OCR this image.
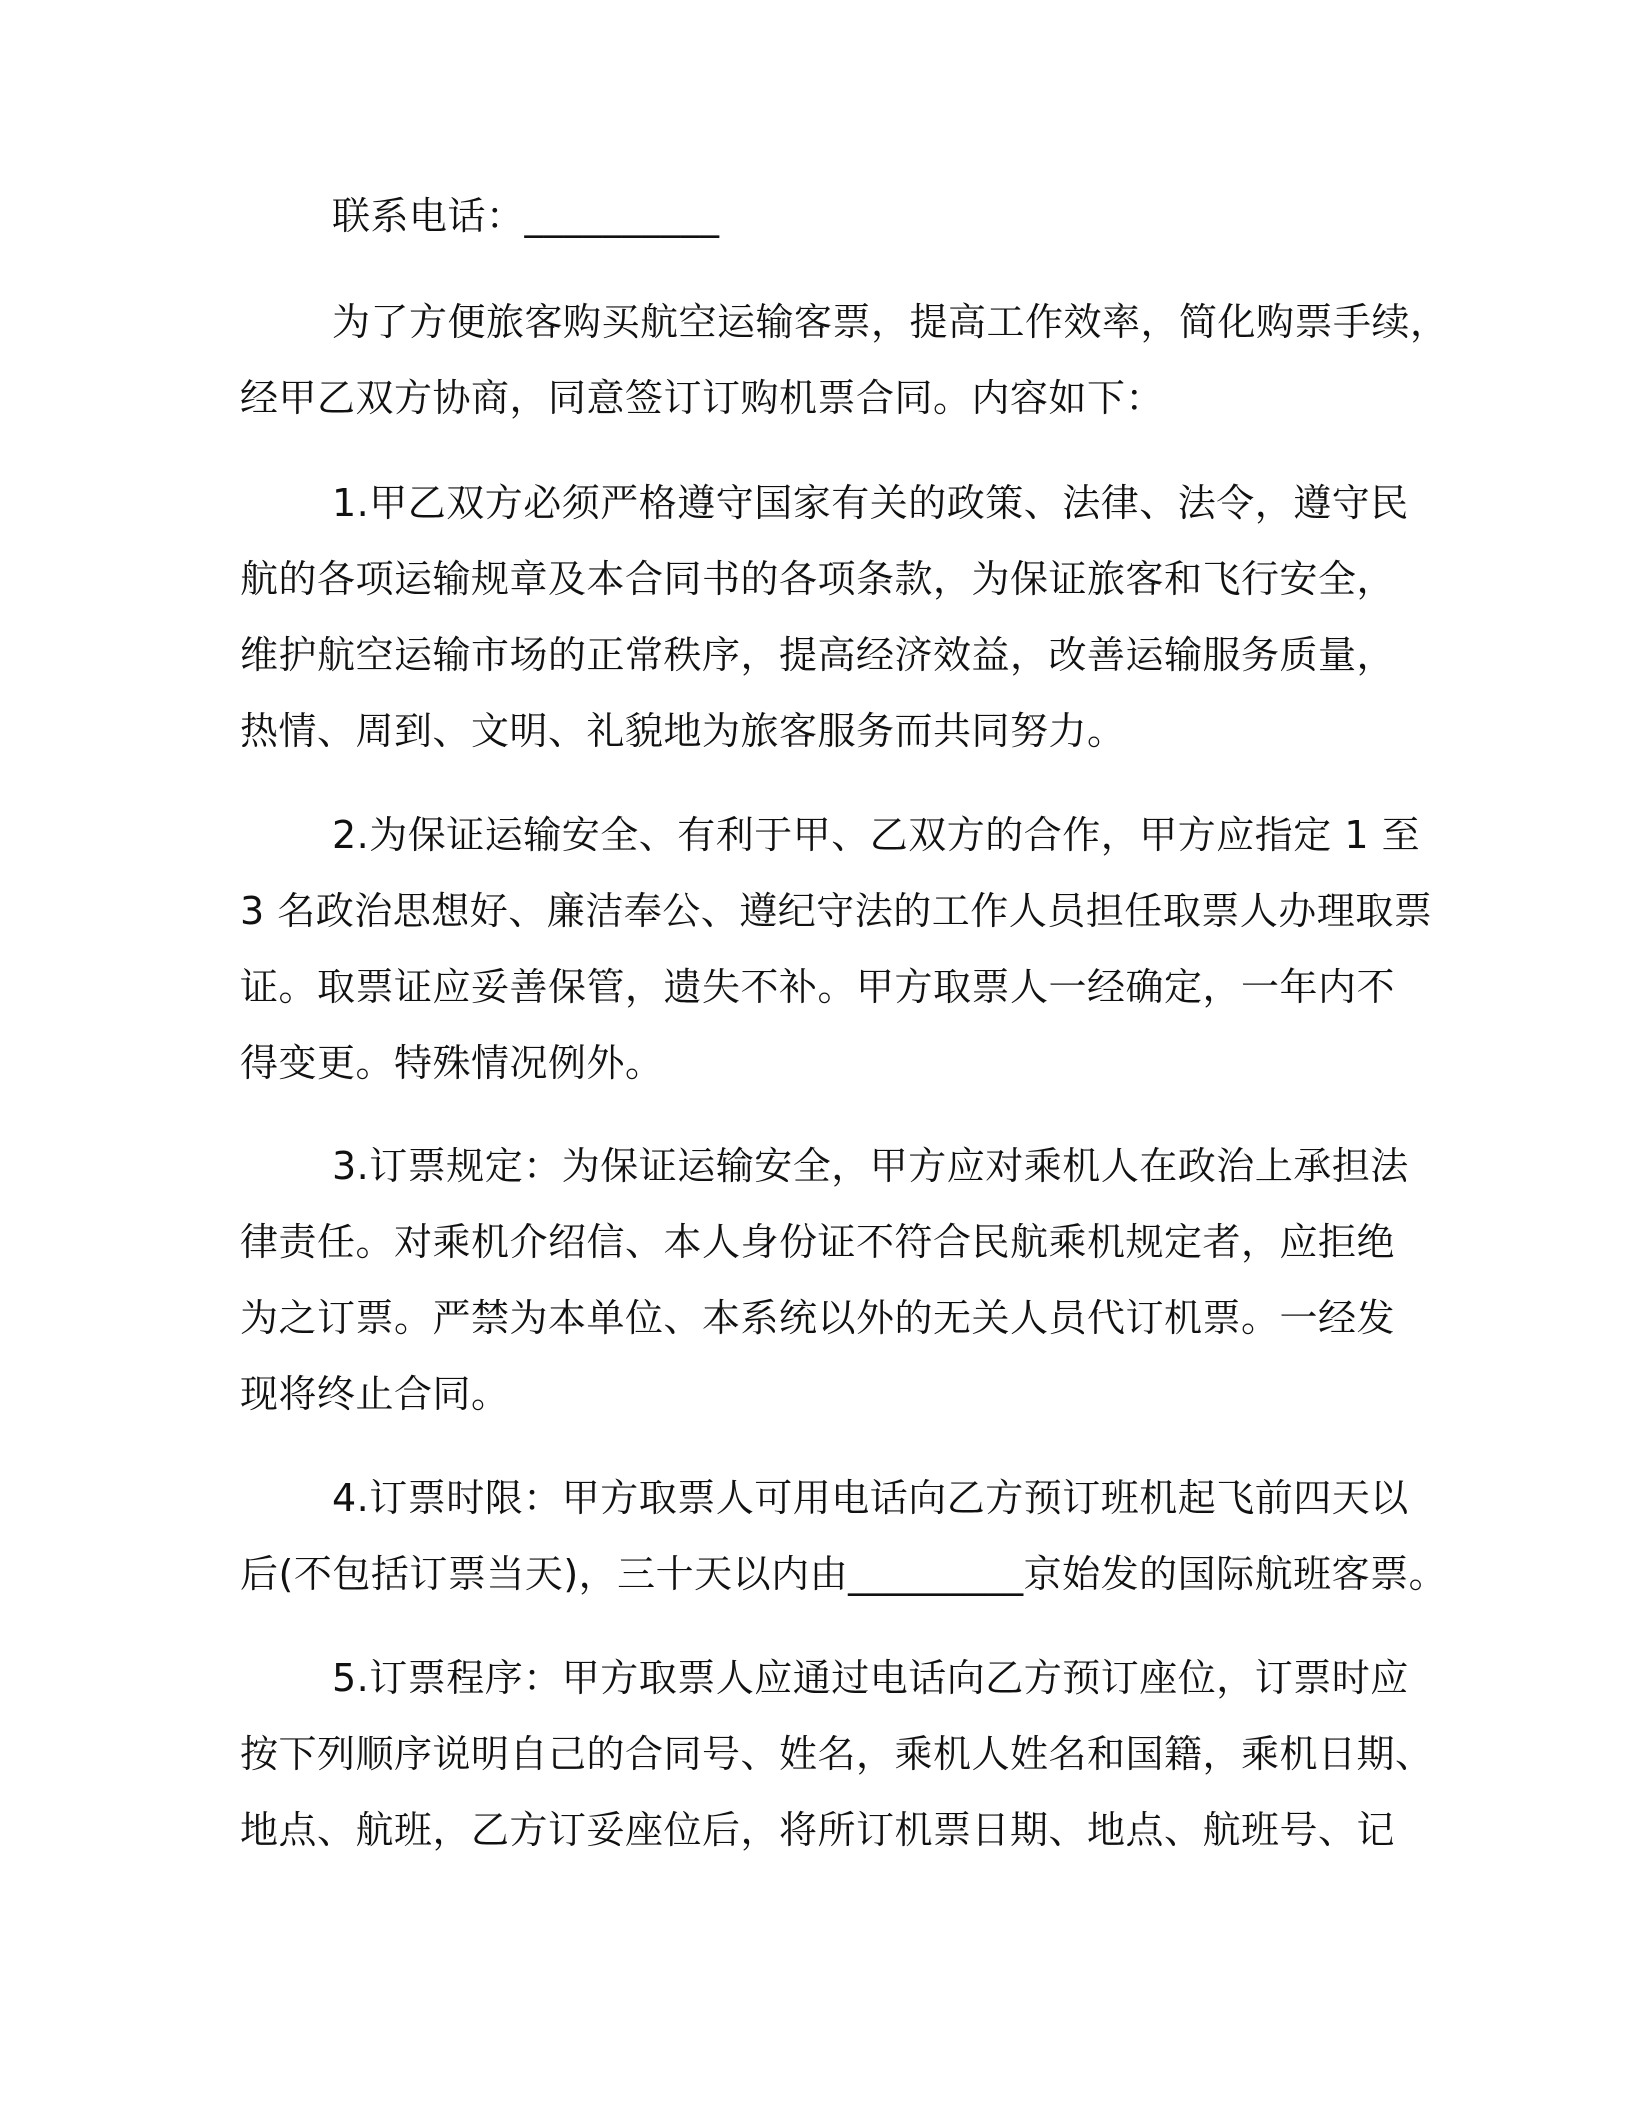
联系电话：__________
为了方便旅客购买航空运输客票，提高工作效率，简化购票手续，
经甲乙双方协商，同意签订订购机票合同。内容如下：
1.甲乙双方必须严格遵守国家有关的政策、法律、法令，遵守民
航的各项运输规章及本合同书的各项条款，为保证旅客和飞行安全，
维护航空运输市场的正常秩序，提高经济效益，改善运输服务质量，
热情、周到、文明、礼貌地为旅客服务而共同努力。
2.为保证运输安全、有利于甲、乙双方的合作，甲方应指定 1 至
3 名政治思想好、廉洁奉公、遵纪守法的工作人员担任取票人办理取票
证。取票证应妥善保管，遗失不补。甲方取票人一经确定，一年内不
得变更。特殊情况例外。
3.订票规定：为保证运输安全，甲方应对乘机人在政治上承担法
律责任。对乘机介绍信、本人身份证不符合民航乘机规定者，应拒绝
为之订票。严禁为本单位、本系统以外的无关人员代订机票。一经发
现将终止合同。
4.订票时限：甲方取票人可用电话向乙方预订班机起飞前四天以
后(不包括订票当天)，三十天以内由_________京始发的国际航班客票。
5.订票程序：甲方取票人应通过电话向乙方预订座位，订票时应
按下列顺序说明自己的合同号、姓名，乘机人姓名和国籍，乘机日期、
地点、航班，乙方订妥座位后，将所订机票日期、地点、航班号、记
